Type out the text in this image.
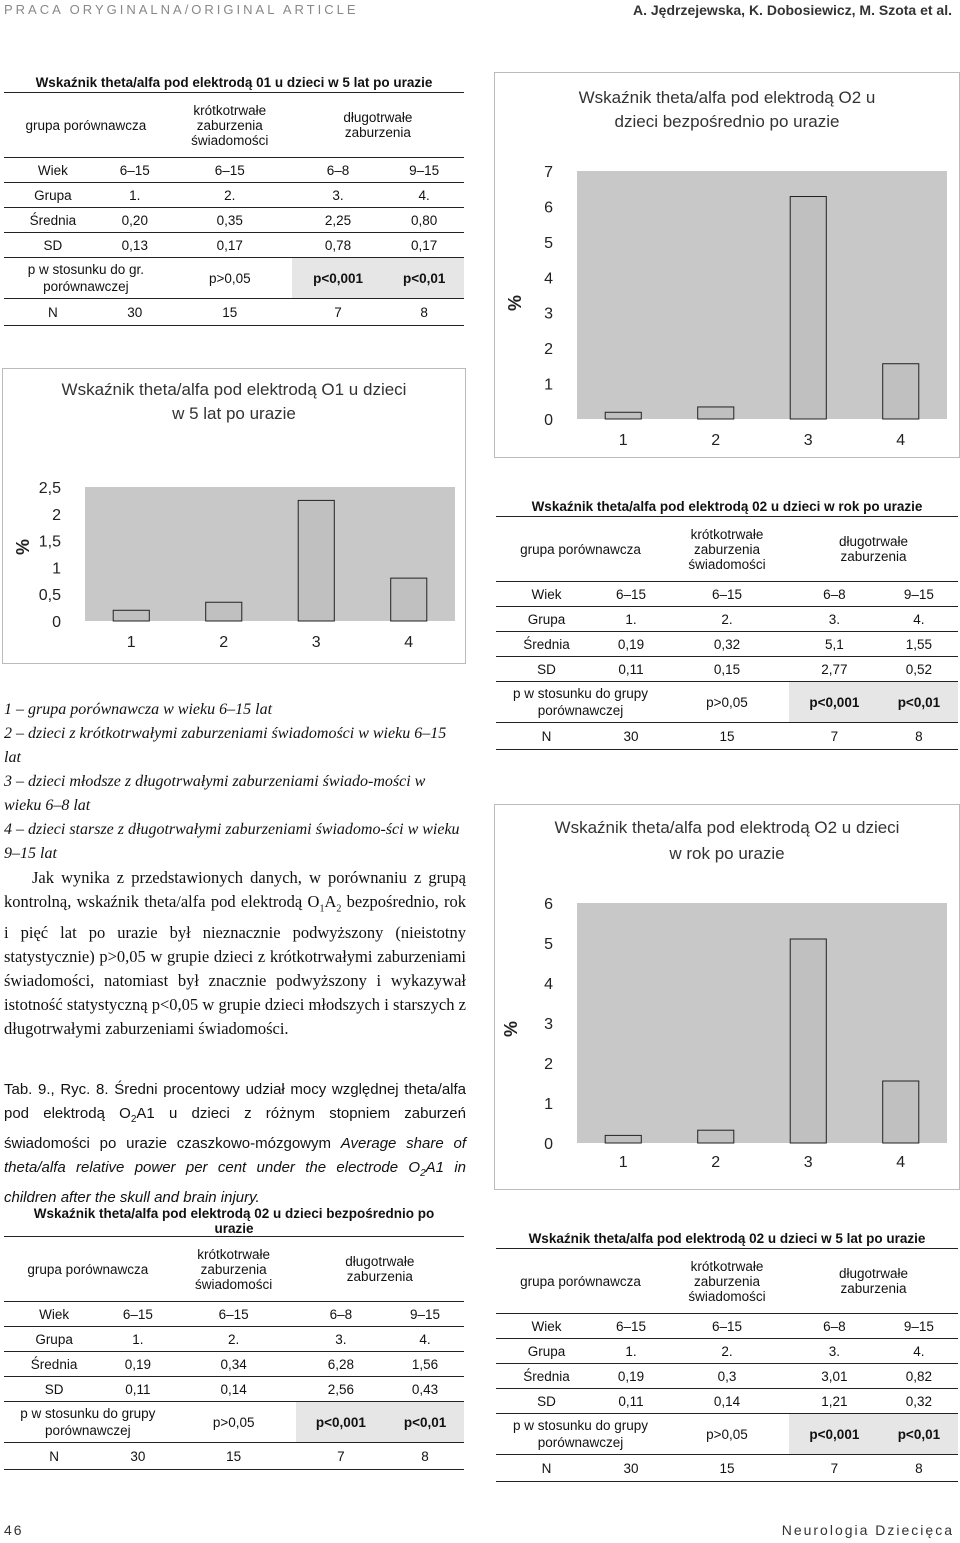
PRACA ORYGINALNA/ORIGINAL ARTICLE	A. Jędrzejewska, K. Dobosiewicz, M. Szota et al.
Wskaźnik theta/alfa pod elektrodą 01 u dzieci w 5 lat po urazie				
grupa porównawcza		krótkotrwałe zaburzenia świadomości	długotrwałe zaburzenia	
Wiek	6–15	6–15	6–8	9–15
Grupa	1.	2.	3.	4.
Średnia	0,20	0,35	2,25	0,80
SD	0,13	0,17	0,78	0,17
p w stosunku do gr. porównawczej		p>0,05	p<0,001	p<0,01
N	30	15	7	8
Wskaźnik theta/alfa pod elektrodą O1 u dzieci
w 5 lat po urazie
0
0,5
1
1,5
2
2,5
%
1	2	3	4
Wskaźnik theta/alfa pod elektrodą O2 u
dzieci bezpośrednio po urazie
0
1
2
3
4
5
6
7
%
1	2	3	4
Wskaźnik theta/alfa pod elektrodą 02 u dzieci w rok po urazie				
grupa porównawcza		krótkotrwałe zaburzenia świadomości	długotrwałe zaburzenia	
Wiek	6–15	6–15	6–8	9–15
Grupa	1.	2.	3.	4.
Średnia	0,19	0,32	5,1	1,55
SD	0,11	0,15	2,77	0,52
p w stosunku do grupy porównawczej		p>0,05	p<0,001	p<0,01
N	30	15	7	8
Wskaźnik theta/alfa pod elektrodą O2 u dzieci
w rok po urazie
0
1
2
3
4
5
6
%
1	2	3	4
1 – grupa porównawcza w wieku 6–15 lat
2 – dzieci z krótkotrwałymi zaburzeniami świadomości w wieku 6–15 lat
3 – dzieci młodsze z długotrwałymi zaburzeniami świado-mości w wieku 6–8 lat
4 – dzieci starsze z długotrwałymi zaburzeniami świadomo-ści w wieku 9–15 lat
Jak wynika z przedstawionych danych, w porównaniu z grupą kontrolną, wskaźnik theta/alfa pod elektrodą $O_1A_2$ bezpośrednio, rok i pięć lat po urazie był nieznacznie podwyższony (nieistotny statystycznie) p>0,05 w grupie dzieci z krótkotrwałymi zaburzeniami świadomości, natomiast był znacznie podwyższony i wykazywał istotność statystyczną p<0,05 w grupie dzieci młodszych i starszych z długotrwałymi zaburzeniami świadomości.
Tab. 9., Ryc. 8. Średni procentowy udział mocy względnej theta/alfa pod elektrodą $O_2A1$ u dzieci z różnym stopniem zaburzeń świadomości po urazie czaszkowo-mózgowym Average share of theta/alfa relative power per cent under the electrode $O_2A1$ in children after the skull and brain injury.
Wskaźnik theta/alfa pod elektrodą 02 u dzieci bezpośrednio po urazie				
grupa porównawcza		krótkotrwałe zaburzenia świadomości	długotrwałe zaburzenia	
Wiek	6–15	6–15	6–8	9–15
Grupa	1.	2.	3.	4.
Średnia	0,19	0,34	6,28	1,56
SD	0,11	0,14	2,56	0,43
p w stosunku do grupy porównawczej		p>0,05	p<0,001	p<0,01
N	30	15	7	8
Wskaźnik theta/alfa pod elektrodą 02 u dzieci w 5 lat po urazie				
grupa porównawcza		krótkotrwałe zaburzenia świadomości	długotrwałe zaburzenia	
Wiek	6–15	6–15	6–8	9–15
Grupa	1.	2.	3.	4.
Średnia	0,19	0,3	3,01	0,82
SD	0,11	0,14	1,21	0,32
p w stosunku do grupy porównawczej		p>0,05	p<0,001	p<0,01
N	30	15	7	8
46	Neurologia Dziecięca
